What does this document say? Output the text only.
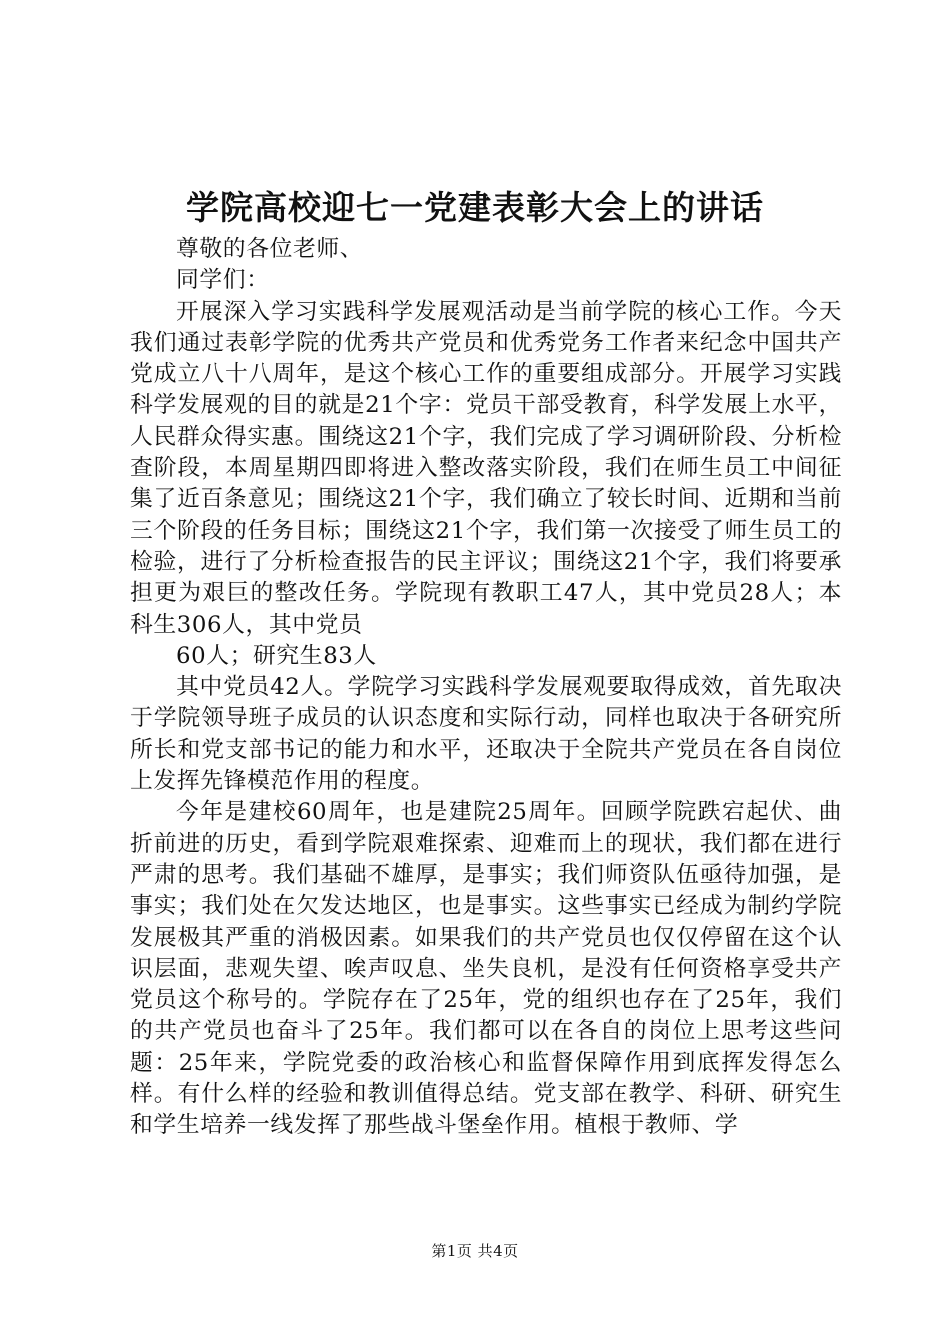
学院高校迎七一党建表彰大会上的讲话

尊敬的各位老师、

同学们：

开展深入学习实践科学发展观活动是当前学院的核心工作。今天我们通过表彰学院的优秀共产党员和优秀党务工作者来纪念中国共产党成立八十八周年，是这个核心工作的重要组成部分。开展学习实践科学发展观的目的就是21个字：党员干部受教育，科学发展上水平，人民群众得实惠。围绕这21个字，我们完成了学习调研阶段、分析检查阶段，本周星期四即将进入整改落实阶段，我们在师生员工中间征集了近百条意见；围绕这21个字，我们确立了较长时间、近期和当前三个阶段的任务目标；围绕这21个字，我们第一次接受了师生员工的检验，进行了分析检查报告的民主评议；围绕这21个字，我们将要承担更为艰巨的整改任务。学院现有教职工47人，其中党员28人；本科生306人，其中党员

60人；研究生83人

其中党员42人。学院学习实践科学发展观要取得成效，首先取决于学院领导班子成员的认识态度和实际行动，同样也取决于各研究所所长和党支部书记的能力和水平，还取决于全院共产党员在各自岗位上发挥先锋模范作用的程度。

今年是建校60周年，也是建院25周年。回顾学院跌宕起伏、曲折前进的历史，看到学院艰难探索、迎难而上的现状，我们都在进行严肃的思考。我们基础不雄厚，是事实；我们师资队伍亟待加强，是事实；我们处在欠发达地区，也是事实。这些事实已经成为制约学院发展极其严重的消极因素。如果我们的共产党员也仅仅停留在这个认识层面，悲观失望、唉声叹息、坐失良机，是没有任何资格享受共产党员这个称号的。学院存在了25年，党的组织也存在了25年，我们的共产党员也奋斗了25年。我们都可以在各自的岗位上思考这些问题：25年来，学院党委的政治核心和监督保障作用到底挥发得怎么样。有什么样的经验和教训值得总结。党支部在教学、科研、研究生和学生培养一线发挥了那些战斗堡垒作用。植根于教师、学

第1页 共4页
